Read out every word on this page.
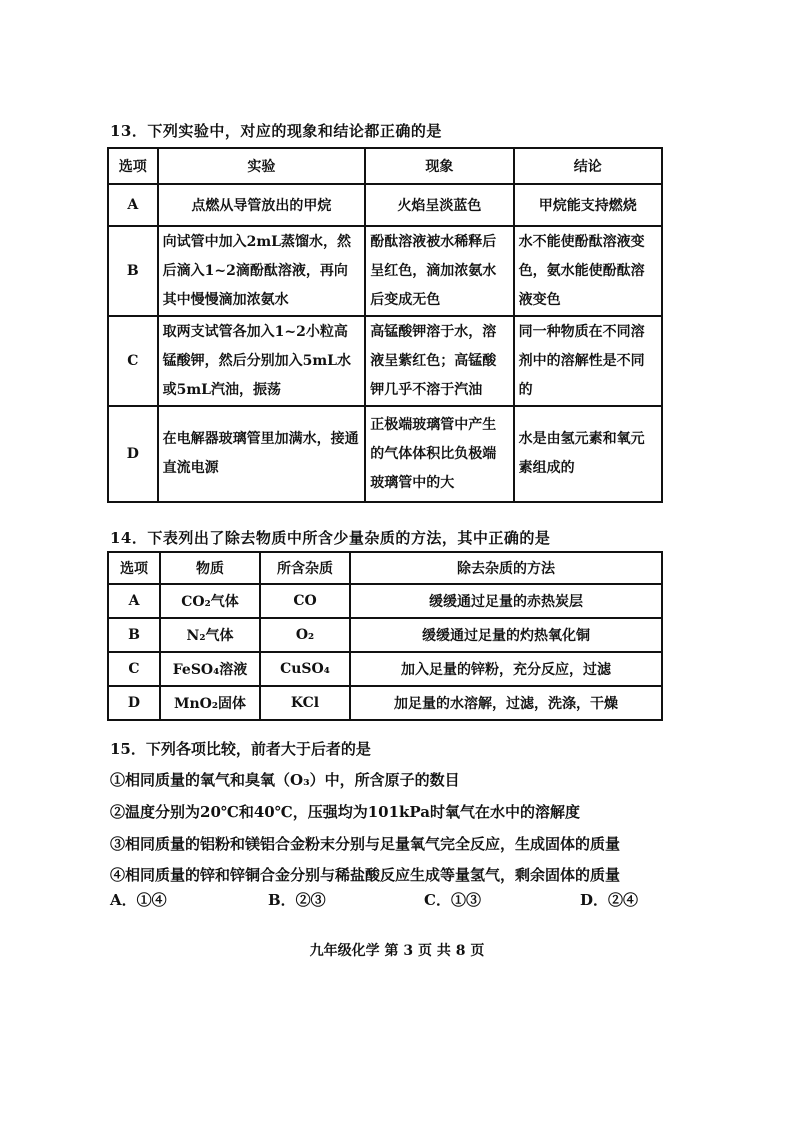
13．下列实验中，对应的现象和结论都正确的是
选项	实验	现象	结论
A	点燃从导管放出的甲烷	火焰呈淡蓝色	甲烷能支持燃烧
B	向试管中加入2mL蒸馏水，然后滴入1~2滴酚酞溶液，再向其中慢慢滴加浓氨水	酚酞溶液被水稀释后呈红色，滴加浓氨水后变成无色	水不能使酚酞溶液变色，氨水能使酚酞溶液变色
C	取两支试管各加入1~2小粒高锰酸钾，然后分别加入5mL水或5mL汽油，振荡	高锰酸钾溶于水，溶液呈紫红色；高锰酸钾几乎不溶于汽油	同一种物质在不同溶剂中的溶解性是不同的
D	在电解器玻璃管里加满水，接通直流电源	正极端玻璃管中产生的气体体积比负极端玻璃管中的大	水是由氢元素和氧元素组成的
14．下表列出了除去物质中所含少量杂质的方法，其中正确的是
选项	物质	所含杂质	除去杂质的方法
A	CO₂气体	CO	缓缓通过足量的赤热炭层
B	N₂气体	O₂	缓缓通过足量的灼热氧化铜
C	FeSO₄溶液	CuSO₄	加入足量的锌粉，充分反应，过滤
D	MnO₂固体	KCl	加足量的水溶解，过滤，洗涤，干燥
15．下列各项比较，前者大于后者的是
①相同质量的氧气和臭氧（O₃）中，所含原子的数目
②温度分别为20℃和40℃，压强均为101kPa时氧气在水中的溶解度
③相同质量的铝粉和镁铝合金粉末分别与足量氧气完全反应，生成固体的质量
④相同质量的锌和锌铜合金分别与稀盐酸反应生成等量氢气，剩余固体的质量
A．①④	B．②③	C．①③	D．②④
九年级化学 第 3 页 共 8 页
